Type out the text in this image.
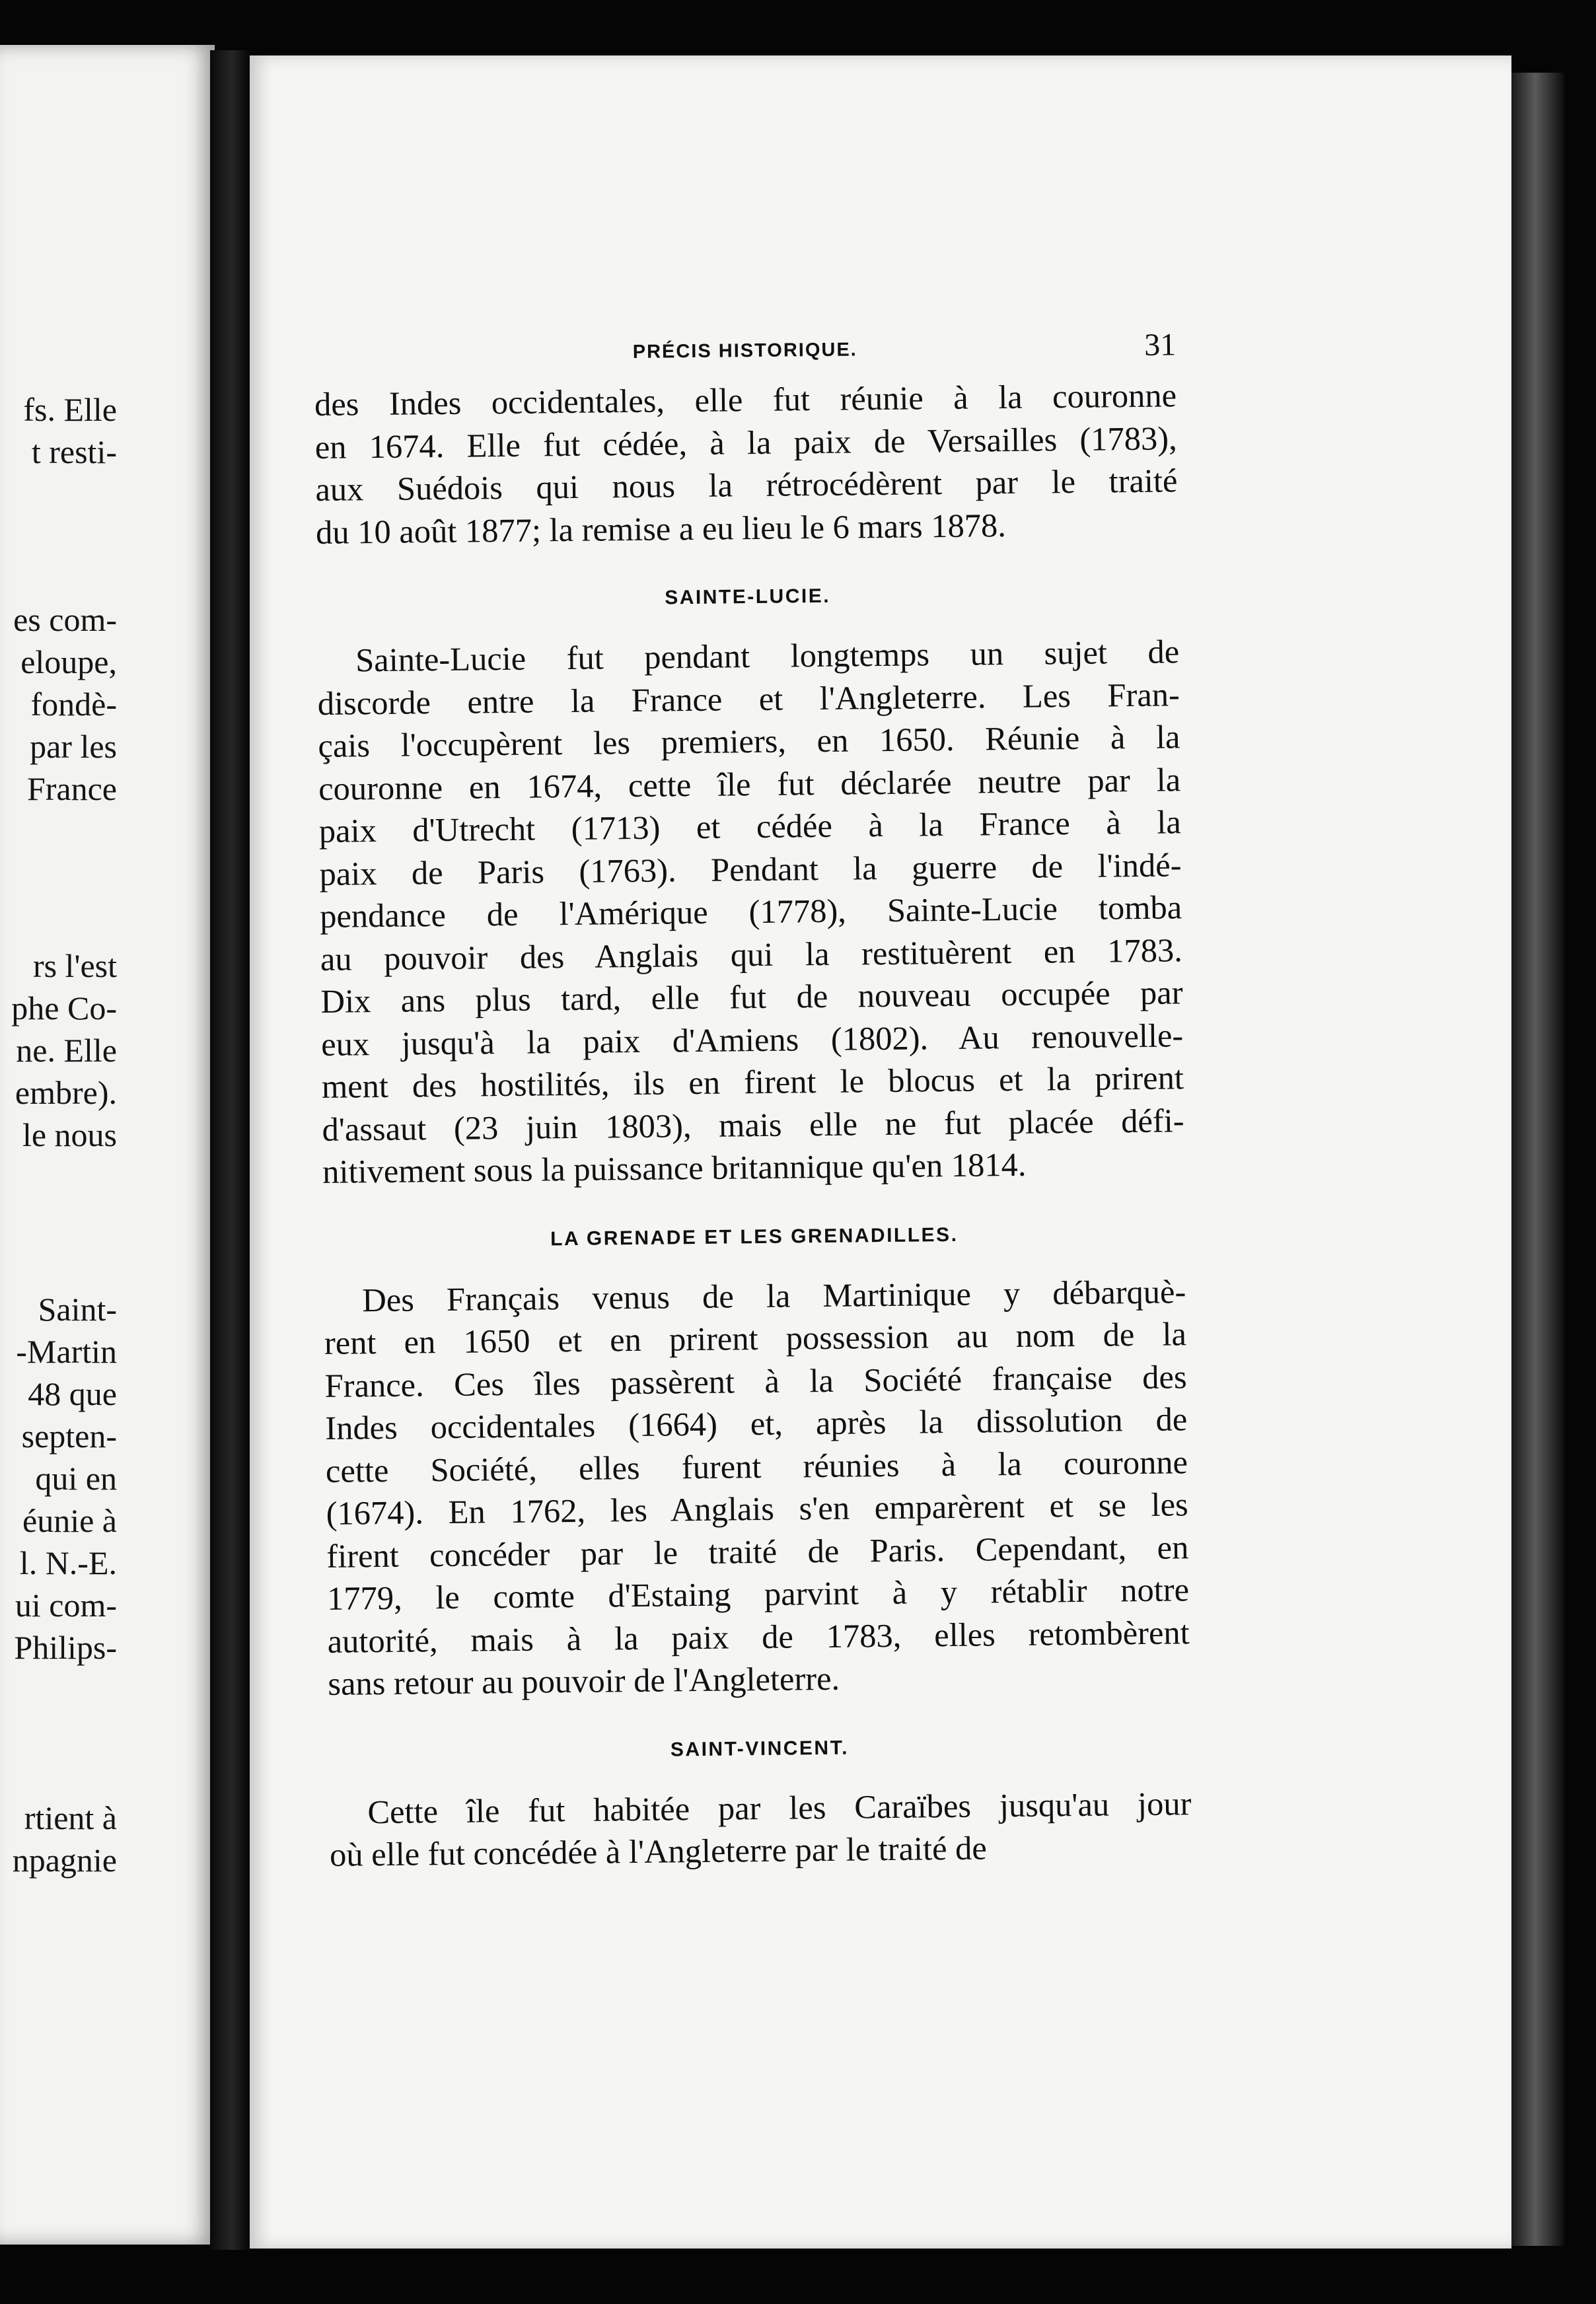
fs. Elle
t resti-
es com-
eloupe,
fondè-
par les
France
rs l'est
phe Co-
ne. Elle
embre).
le nous
Saint-
-Martin
48 que
septen-
qui en
éunie à
l. N.-E.
ui com-
Philips-
rtient à
npagnie
PRÉCIS HISTORIQUE.	31
des Indes occidentales, elle fut réunie à la couronne
en 1674. Elle fut cédée, à la paix de Versailles (1783),
aux Suédois qui nous la rétrocédèrent par le traité
du 10 août 1877; la remise a eu lieu le 6 mars 1878.
SAINTE-LUCIE.
Sainte-Lucie fut pendant longtemps un sujet de
discorde entre la France et l'Angleterre. Les Fran-
çais l'occupèrent les premiers, en 1650. Réunie à la
couronne en 1674, cette île fut déclarée neutre par la
paix d'Utrecht (1713) et cédée à la France à la
paix de Paris (1763). Pendant la guerre de l'indé-
pendance de l'Amérique (1778), Sainte-Lucie tomba
au pouvoir des Anglais qui la restituèrent en 1783.
Dix ans plus tard, elle fut de nouveau occupée par
eux jusqu'à la paix d'Amiens (1802). Au renouvelle-
ment des hostilités, ils en firent le blocus et la prirent
d'assaut (23 juin 1803), mais elle ne fut placée défi-
nitivement sous la puissance britannique qu'en 1814.
LA GRENADE ET LES GRENADILLES.
Des Français venus de la Martinique y débarquè-
rent en 1650 et en prirent possession au nom de la
France. Ces îles passèrent à la Société française des
Indes occidentales (1664) et, après la dissolution de
cette Société, elles furent réunies à la couronne
(1674). En 1762, les Anglais s'en emparèrent et se les
firent concéder par le traité de Paris. Cependant, en
1779, le comte d'Estaing parvint à y rétablir notre
autorité, mais à la paix de 1783, elles retombèrent
sans retour au pouvoir de l'Angleterre.
SAINT-VINCENT.
Cette île fut habitée par les Caraïbes jusqu'au jour
où elle fut concédée à l'Angleterre par le traité de
